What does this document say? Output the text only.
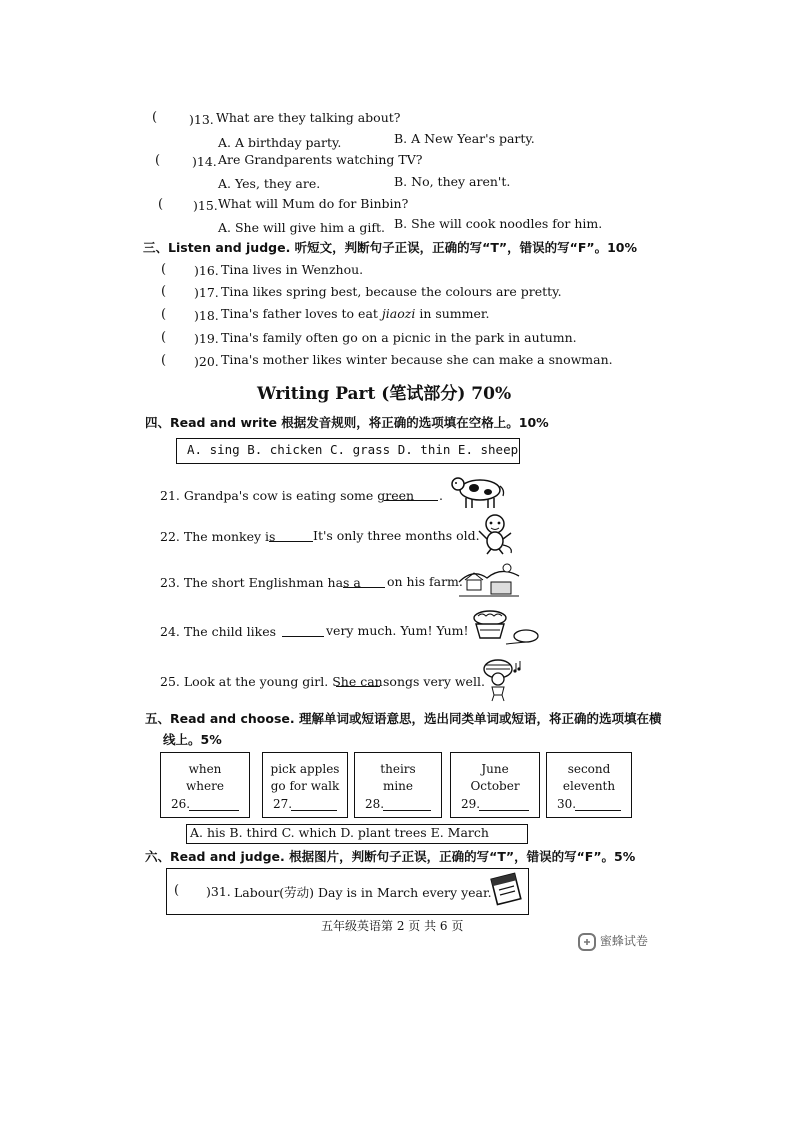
(	)13. What are they talking about?
A. A birthday party.	B. A New Year's party.
(	)14. Are Grandparents watching TV?
A. Yes, they are.	B. No, they aren't.
( )15. What will Mum do for Binbin?
A. She will give him a gift. B. She will cook noodles for him.
三、Listen and judge. 听短文，判断句子正误，正确的写“T”，错误的写“F”。10%
( )16. Tina lives in Wenzhou.
( )17. Tina likes spring best, because the colours are pretty.
( )18. Tina's father loves to eat jiaozi in summer.
( )19. Tina's family often go on a picnic in the park in autumn.
( )20. Tina's mother likes winter because she can make a snowman.
Writing Part (笔试部分) 70%
四、Read and write 根据发音规则，将正确的选项填在空格上。10%
A. sing B. chicken C. grass D. thin E. sheep
21. Grandpa's cow is eating some green .
22. The monkey is	It's only three months old.
23. The short Englishman has a on his farm.
24. The child likes	very much. Yum! Yum!
25. Look at the young girl. She can songs very well.
五、Read and choose. 理解单词或短语意思，选出同类单词或短语，将正确的选项填在横
线上。5%
when
where
26.
pick apples
go for walk
27.
theirs
mine
28.
June
October
29.
second
eleventh
30.
A. his B. third C. which D. plant trees E. March
六、Read and judge. 根据图片，判断句子正误，正确的写“T”，错误的写“F”。5%
( )31. Labour(劳动) Day is in March every year.
五年级英语第 2 页 共 6 页
蜜蜂试卷
